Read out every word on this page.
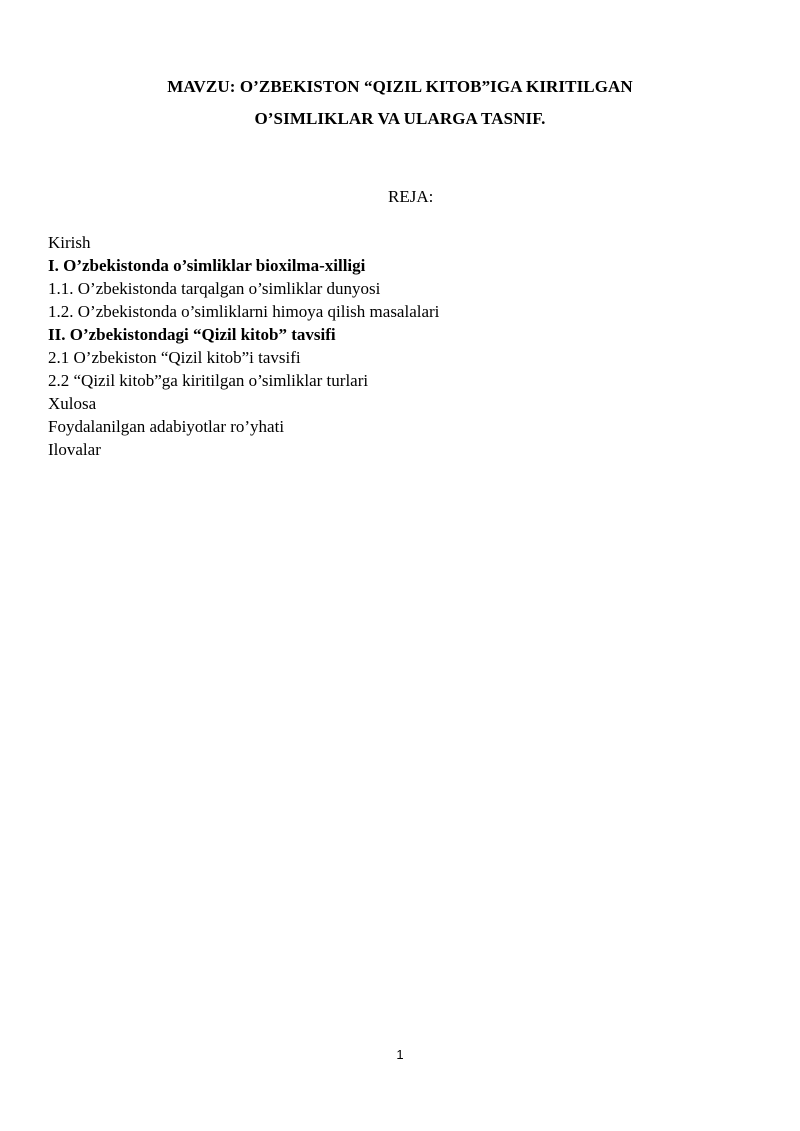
MAVZU: O’ZBEKISTON “QIZIL KITOB”IGA KIRITILGAN
O’SIMLIKLAR VA ULARGA TASNIF.
REJA:
Kirish
I. O’zbekistonda o’simliklar bioxilma-xilligi
1.1. O’zbekistonda tarqalgan o’simliklar dunyosi
1.2. O’zbekistonda o’simliklarni himoya qilish masalalari
II. O’zbekistondagi “Qizil kitob” tavsifi
2.1 O’zbekiston “Qizil kitob”i tavsifi
2.2 “Qizil kitob”ga kiritilgan o’simliklar turlari
Xulosa
Foydalanilgan adabiyotlar ro’yhati
Ilovalar
1
